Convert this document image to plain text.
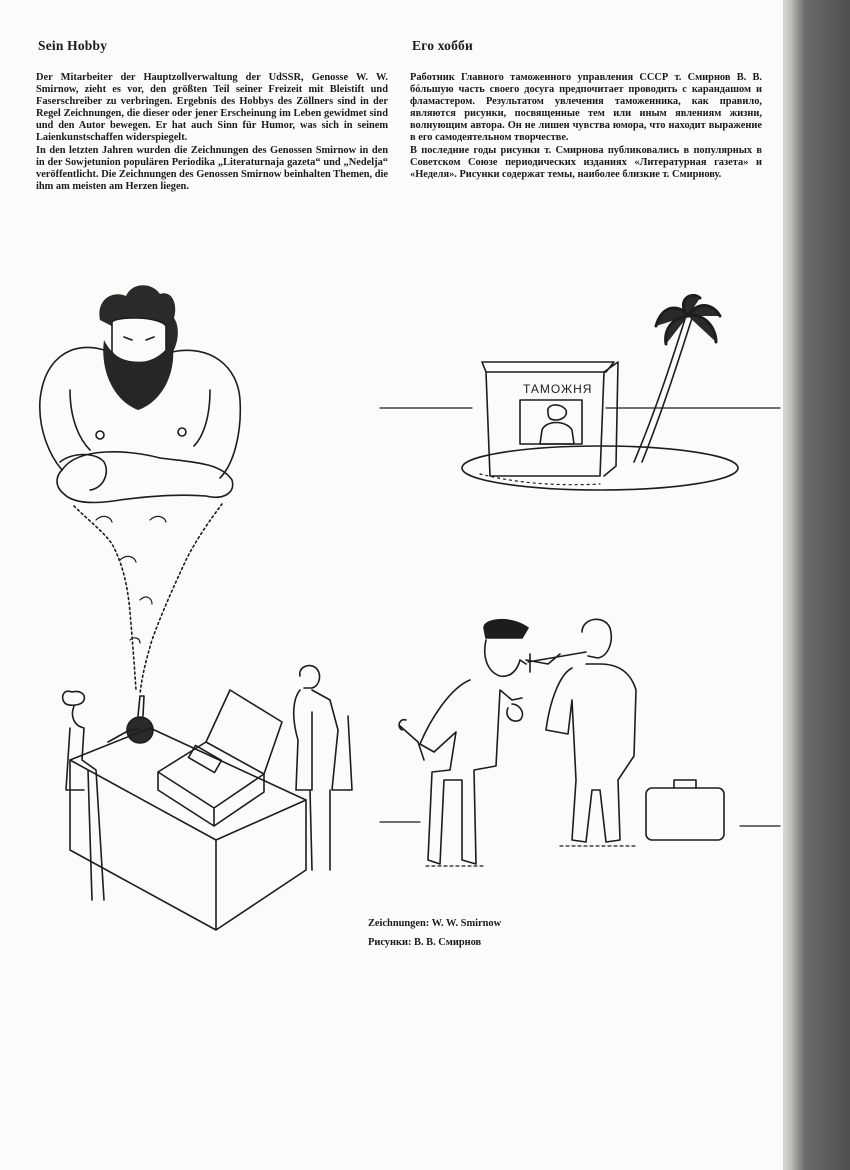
Sein Hobby

Der Mitarbeiter der Hauptzollverwaltung der UdSSR, Genosse W. W. Smirnow, zieht es vor, den größten Teil seiner Freizeit mit Bleistift und Faserschreiber zu verbringen. Ergebnis des Hobbys des Zöllners sind in der Regel Zeichnungen, die dieser oder jener Erscheinung im Leben gewidmet sind und den Autor bewegen. Er hat auch Sinn für Humor, was sich in seinem Laienkunstschaffen widerspiegelt.

In den letzten Jahren wurden die Zeichnungen des Genossen Smirnow in den in der Sowjetunion populären Periodika „Literaturnaja gazeta“ und „Nedelja“ veröffentlicht. Die Zeichnungen des Genossen Smirnow beinhalten Themen, die ihm am meisten am Herzen liegen.

Его хобби

Работник Главного таможенного управления СССР т. Смирнов В. В. бóльшую часть своего досуга предпочитает проводить с карандашом и фламастером. Результатом увлечения таможенника, как правило, являются рисунки, посвященные тем или иным явлениям жизни, волнующим автора. Он не лишен чувства юмора, что находит выражение в его самодеятельном творчестве.

В последние годы рисунки т. Смирнова публиковались в популярных в Советском Союзе периодических изданиях «Литературная газета» и «Неделя». Рисунки содержат темы, наиболее близкие т. Смирнову.

ТАМОЖНЯ
Zeichnungen: W. W. Smirnow
Рисунки: В. В. Смирнов
